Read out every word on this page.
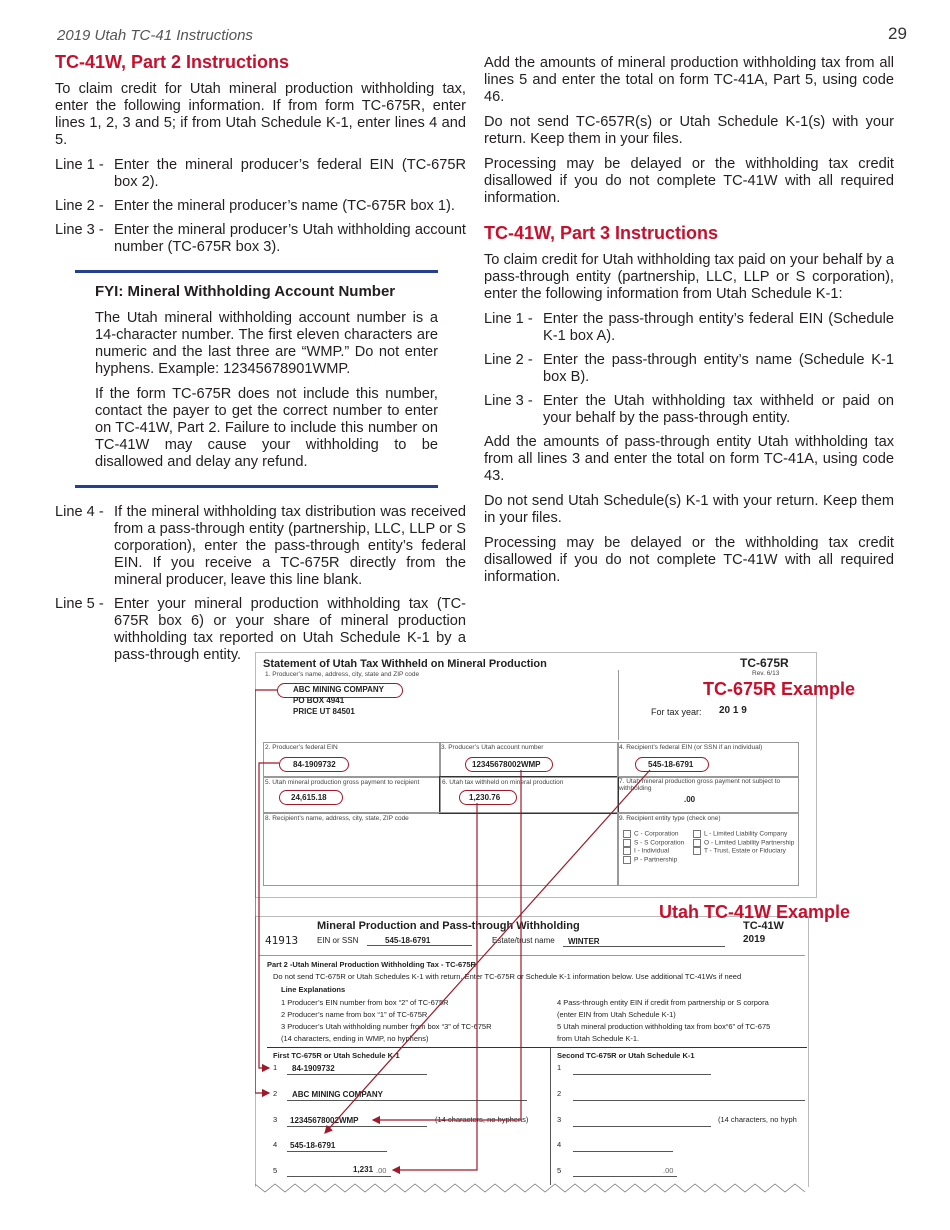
2019 Utah TC-41 Instructions	29
TC-41W, Part 2 Instructions

To claim credit for Utah mineral production withholding tax, enter the following information. If from form TC-675R, enter lines 1, 2, 3 and 5; if from Utah Schedule K-1, enter lines 4 and 5.

Line 1 - Enter the mineral producer’s federal EIN (TC-675R box 2).
Line 2 - Enter the mineral producer’s name (TC-675R box 1).
Line 3 - Enter the mineral producer’s Utah withholding account number (TC-675R box 3).
FYI: Mineral Withholding Account Number

The Utah mineral withholding account number is a 14-character number. The first eleven characters are numeric and the last three are “WMP.” Do not enter hyphens. Example: 12345678901WMP.

If the form TC-675R does not include this number, contact the payer to get the correct number to enter on TC-41W, Part 2. Failure to include this number on TC-41W may cause your withholding to be disallowed and delay any refund.

Line 4 - If the mineral withholding tax distribution was received from a pass-through entity (partnership, LLC, LLP or S corporation), enter the pass-through entity’s federal EIN. If you receive a TC-675R directly from the mineral producer, leave this line blank.
Line 5 - Enter your mineral production withholding tax (TC-675R box 6) or your share of mineral production withholding tax reported on Utah Schedule K-1 by a pass-through entity.

Add the amounts of mineral production withholding tax from all lines 5 and enter the total on form TC-41A, Part 5, using code 46.

Do not send TC-657R(s) or Utah Schedule K-1(s) with your return. Keep them in your files.

Processing may be delayed or the withholding tax credit disallowed if you do not complete TC-41W with all required information.

TC-41W, Part 3 Instructions

To claim credit for Utah withholding tax paid on your behalf by a pass-through entity (partnership, LLC, LLP or S corporation), enter the following information from Utah Schedule K-1:

Line 1 - Enter the pass-through entity’s federal EIN (Schedule K-1 box A).
Line 2 - Enter the pass-through entity’s name (Schedule K-1 box B).
Line 3 - Enter the Utah withholding tax withheld or paid on your behalf by the pass-through entity.

Add the amounts of pass-through entity Utah withholding tax from all lines 3 and enter the total on form TC-41A, using code 43.

Do not send Utah Schedule(s) K-1 with your return. Keep them in your files.

Processing may be delayed or the withholding tax credit disallowed if you do not complete TC-41W with all required information.

Statement of Utah Tax Withheld on Mineral Production	TC-675R
Rev. 6/13
TC-675R Example
1. Producer’s name, address, city, state and ZIP code
ABC MINING COMPANY
PO BOX 4941
PRICE UT 84501	For tax year: 20 1 9
2. Producer’s federal EIN	3. Producer’s Utah account number	4. Recipient’s federal EIN (or SSN if an individual)
84-1909732	12345678002WMP	545-18-6791
5. Utah mineral production gross payment to recipient	6. Utah tax withheld on mineral production	7. Utah mineral production gross payment not subject to withholding
24,615.18	1,230.76	.00
8. Recipient’s name, address, city, state, ZIP code	9. Recipient entity type (check one)
C - Corporation
S - S Corporation
I - Individual
P - Partnership
L - Limited Liability Company
O - Limited Liability Partnership
T - Trust, Estate or Fiduciary
Utah TC-41W Example
41913
Mineral Production and Pass-through Withholding	TC-41W
2019
EIN or SSN	545-18-6791	Estate/trust name WINTER
Part 2 -Utah Mineral Production Withholding Tax - TC-675R
Do not send TC-675R or Utah Schedules K-1 with return. Enter TC-675R or Schedule K-1 information below. Use additional TC-41Ws if need
Line Explanations
1 Producer’s EIN number from box “2” of TC-675R
2 Producer’s name from box “1” of TC-675R
3 Producer’s Utah withholding number from box “3” of TC-675R
(14 characters, ending in WMP, no hyphens)
4 Pass-through entity EIN if credit from partnership or S corpora
(enter EIN from Utah Schedule K-1)
5 Utah mineral production withholding tax from box“6” of TC-675
from Utah Schedule K-1.
First TC-675R or Utah Schedule K-1	Second TC-675R or Utah Schedule K-1
1 84-1909732
2 ABC MINING COMPANY
3 12345678002WMP	(14 characters, no hyphens)
4 545-18-6791
5	1,231 .00
1
2
3	(14 characters, no hyph
4
5	.00
